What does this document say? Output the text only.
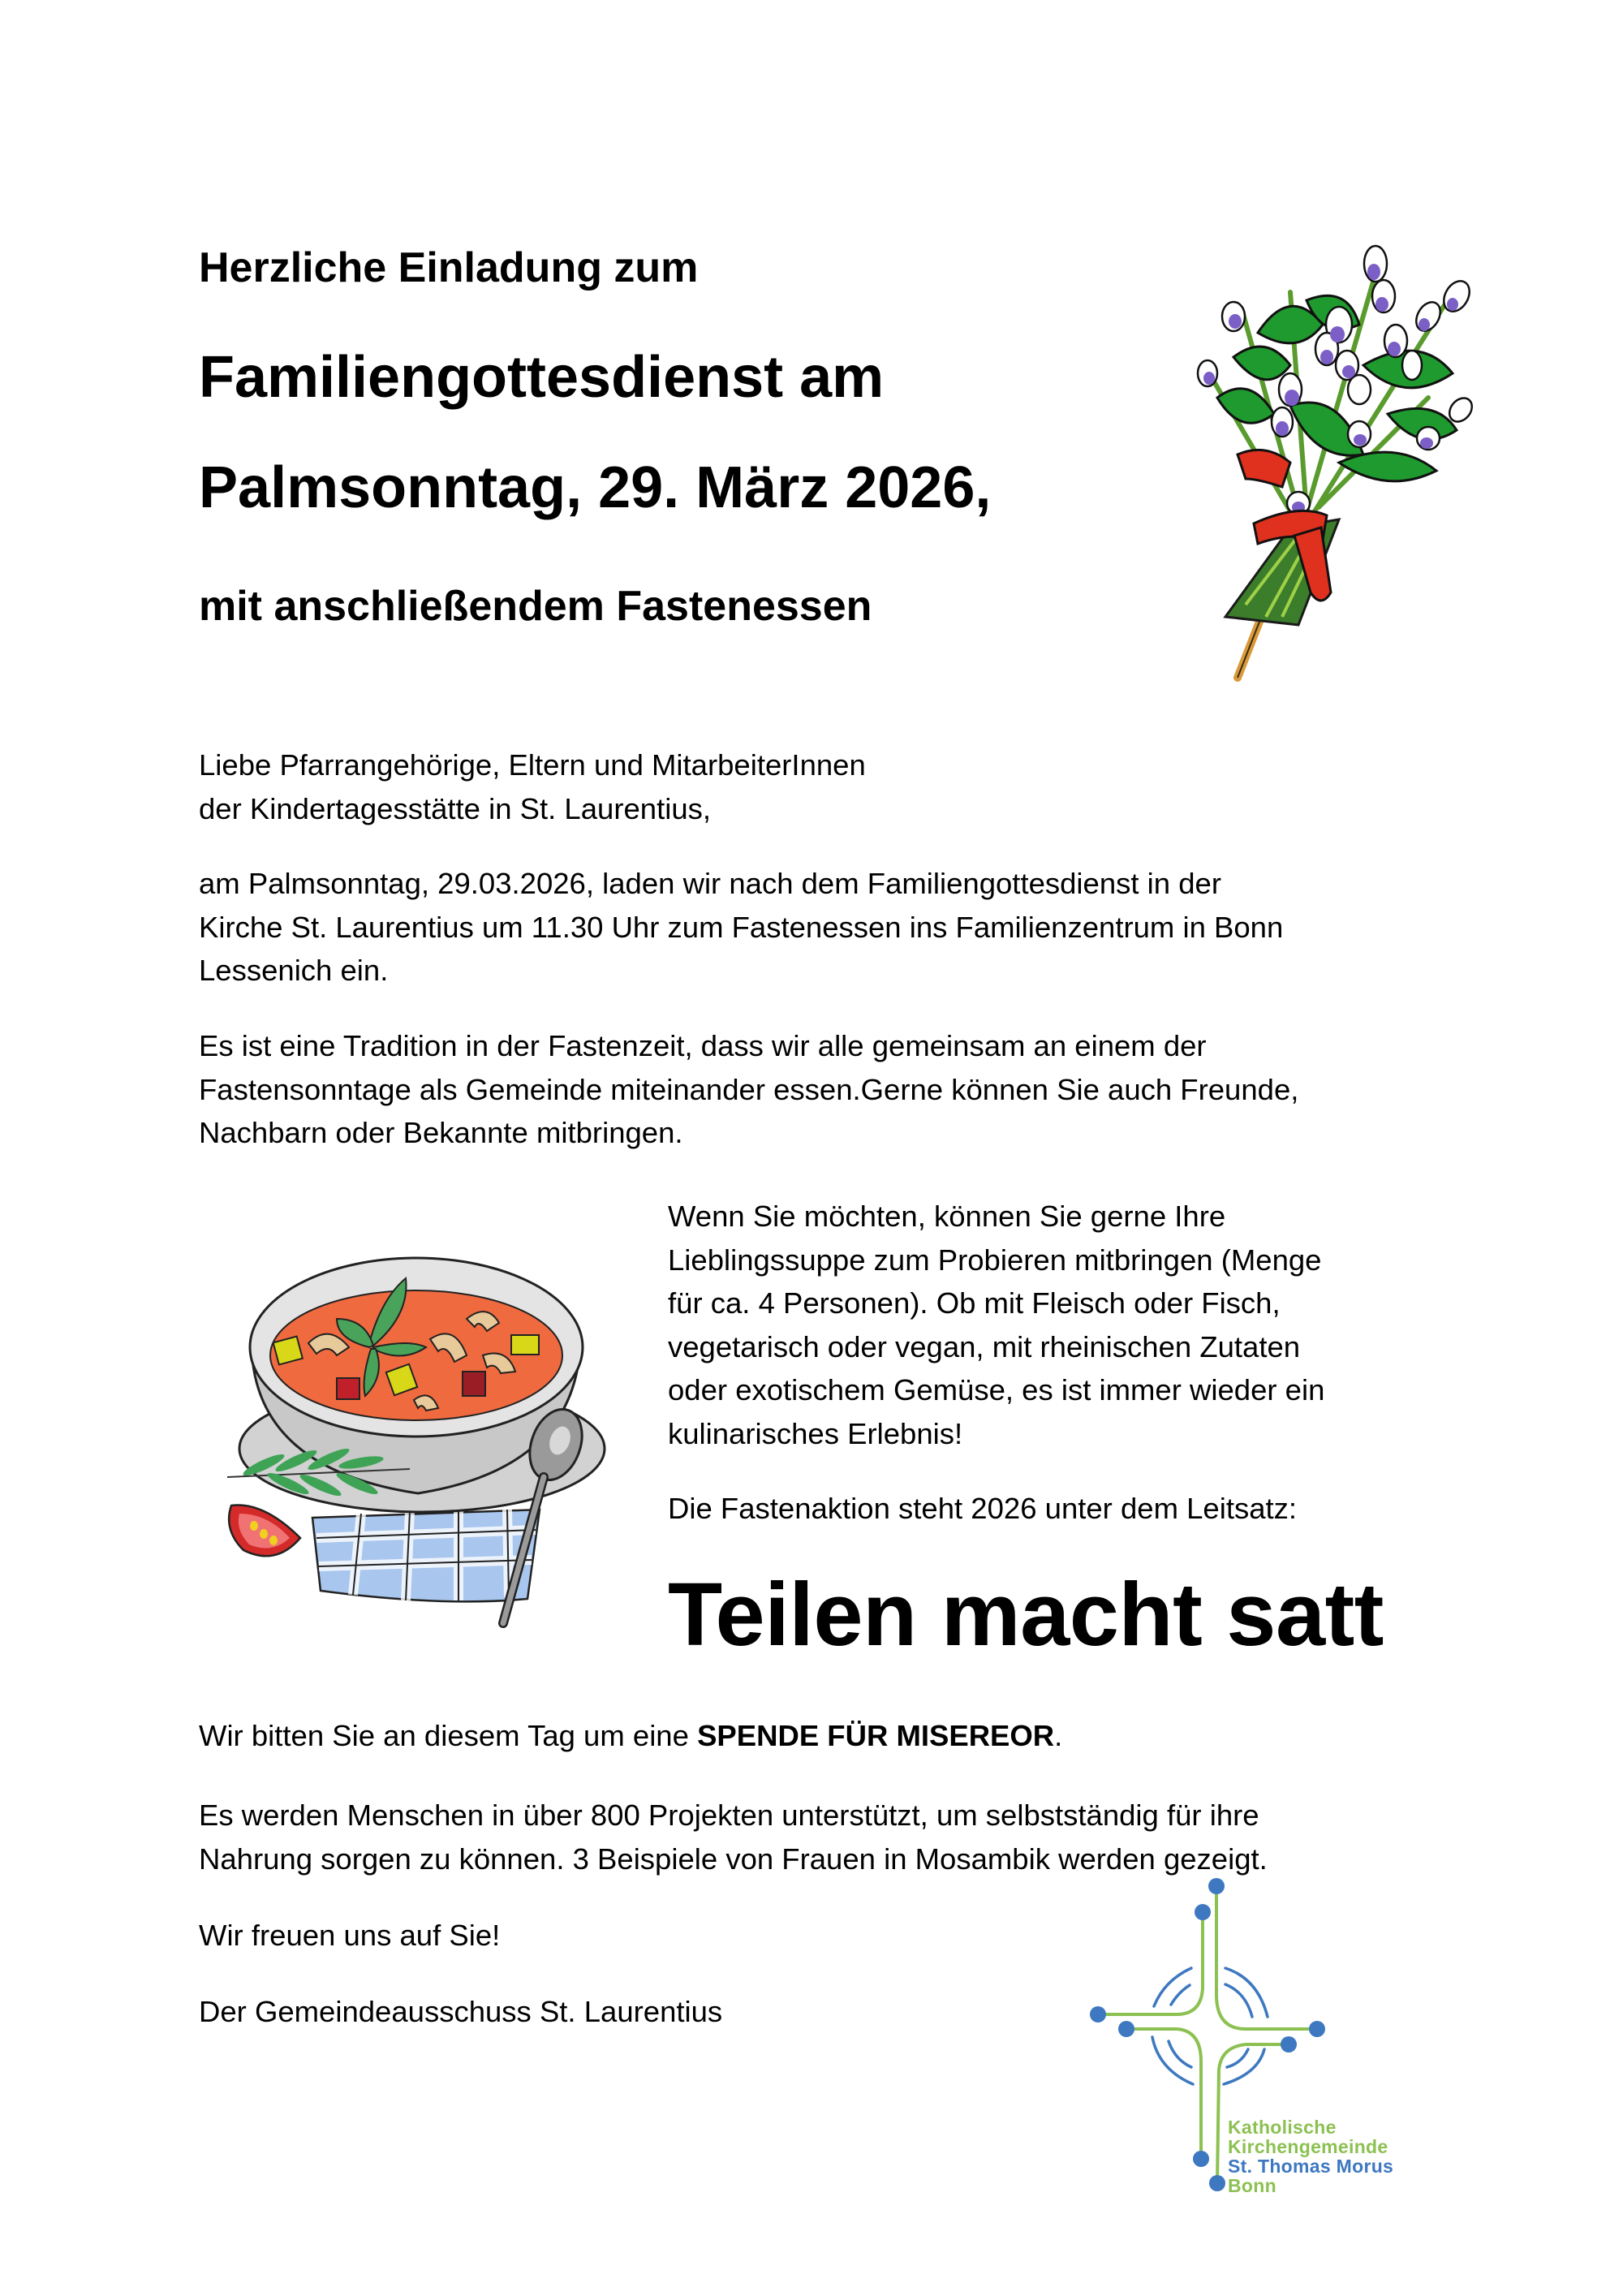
Herzliche Einladung zum
Familiengottesdienst am
Palmsonntag, 29. März 2026,
mit anschließendem Fastenessen

Liebe Pfarrangehörige, Eltern und MitarbeiterInnen

der Kindertagesstätte in St. Laurentius,

am Palmsonntag, 29.03.2026, laden wir nach dem Familiengottesdienst in der

Kirche St. Laurentius um 11.30 Uhr zum Fastenessen ins Familienzentrum in Bonn

Lessenich ein.

Es ist eine Tradition in der Fastenzeit, dass wir alle gemeinsam an einem der

Fastensonntage als Gemeinde miteinander essen.Gerne können Sie auch Freunde,

Nachbarn oder Bekannte mitbringen.

Wenn Sie möchten, können Sie gerne Ihre

Lieblingssuppe zum Probieren mitbringen (Menge

für ca. 4 Personen). Ob mit Fleisch oder Fisch,

vegetarisch oder vegan, mit rheinischen Zutaten

oder exotischem Gemüse, es ist immer wieder ein

kulinarisches Erlebnis!

Die Fastenaktion steht 2026 unter dem Leitsatz:

Teilen macht satt

Wir bitten Sie an diesem Tag um eine SPENDE FÜR MISEREOR.

Es werden Menschen in über 800 Projekten unterstützt, um selbstständig für ihre

Nahrung sorgen zu können. 3 Beispiele von Frauen in Mosambik werden gezeigt.

Wir freuen uns auf Sie!

Der Gemeindeausschuss St. Laurentius

Katholische
Kirchengemeinde
St. Thomas Morus
Bonn
